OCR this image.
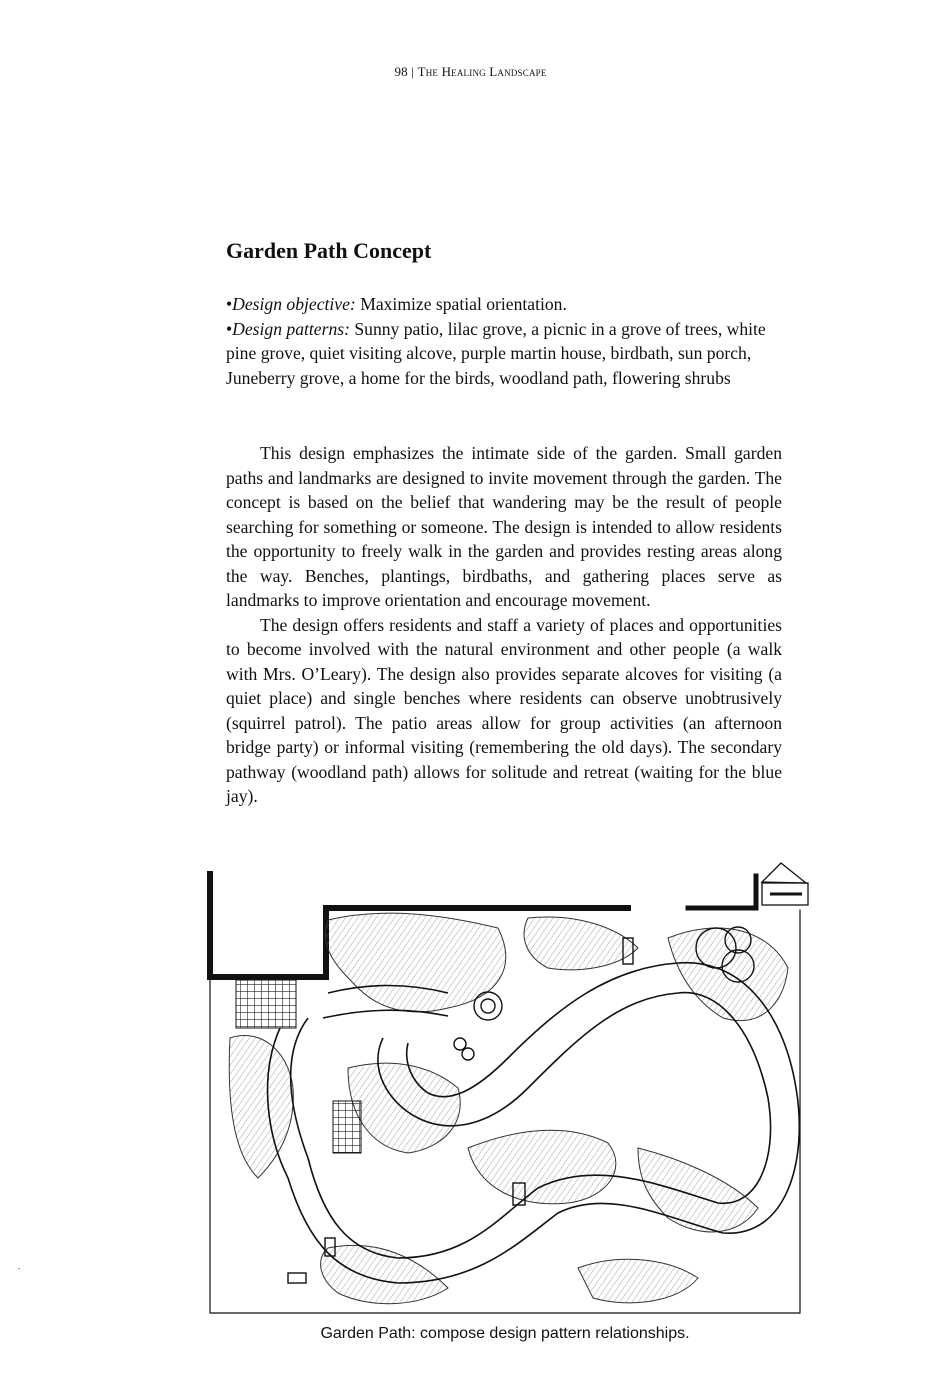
98 | The Healing Landscape
Garden Path Concept

•Design objective: Maximize spatial orientation.

•Design patterns: Sunny patio, lilac grove, a picnic in a grove of trees, white pine grove, quiet visiting alcove, purple martin house, birdbath, sun porch, Juneberry grove, a home for the birds, woodland path, flowering shrubs

This design emphasizes the intimate side of the garden. Small garden paths and landmarks are designed to invite movement through the garden. The concept is based on the belief that wandering may be the result of people searching for something or someone. The design is intended to allow residents the opportunity to freely walk in the garden and provides resting areas along the way. Benches, plantings, birdbaths, and gathering places serve as landmarks to improve orientation and encourage movement.

The design offers residents and staff a variety of places and opportunities to become involved with the natural environment and other people (a walk with Mrs. O’Leary). The design also provides separate alcoves for visiting (a quiet place) and single benches where residents can observe unobtrusively (squirrel patrol). The patio areas allow for group activities (an afternoon bridge party) or informal visiting (remembering the old days). The secondary pathway (woodland path) allows for solitude and retreat (waiting for the blue jay).

Garden Path: compose design pattern relationships.
